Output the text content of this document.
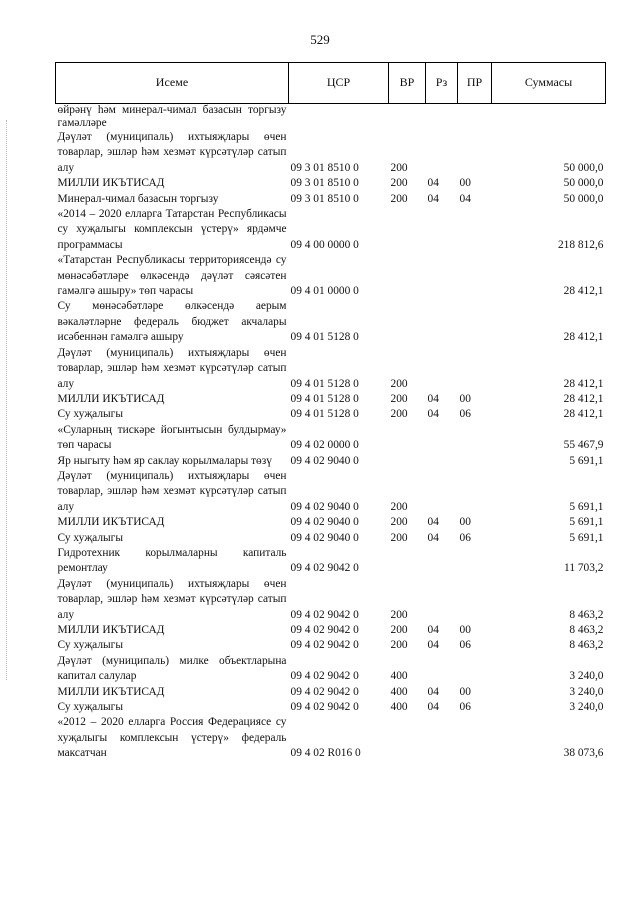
529
Исеме	ЦСР	ВР	Рз	ПР	Суммасы
өйрәнү һәм минерал-чимал базасын торгызу гамәлләре					
Дәүләт (муниципаль) ихтыяҗлары өчен товарлар, эшләр һәм хезмәт күрсәтүләр сатып алу	09 3 01 8510 0	200			50 000,0
МИЛЛИ ИКЪТИСАД	09 3 01 8510 0	200	04	00	50 000,0
Минерал-чимал базасын торгызу	09 3 01 8510 0	200	04	04	50 000,0
«2014 – 2020 елларга Татарстан Республикасы су хуҗалыгы комплексын үстерү» ярдәмче программасы	09 4 00 0000 0				218 812,6
«Татарстан Республикасы территориясендә су мөнәсәбәтләре өлкәсендә дәүләт сәясәтен гамәлгә ашыру» төп чарасы	09 4 01 0000 0				28 412,1
Су мөнәсәбәтләре өлкәсендә аерым вәкаләтләрне федераль бюджет акчалары исәбеннән гамәлгә ашыру	09 4 01 5128 0				28 412,1
Дәүләт (муниципаль) ихтыяҗлары өчен товарлар, эшләр һәм хезмәт күрсәтүләр сатып алу	09 4 01 5128 0	200			28 412,1
МИЛЛИ ИКЪТИСАД	09 4 01 5128 0	200	04	00	28 412,1
Су хуҗалыгы	09 4 01 5128 0	200	04	06	28 412,1
«Суларның тискәре йогынтысын булдырмау» төп чарасы	09 4 02 0000 0				55 467,9
Яр ныгыту һәм яр саклау корылмалары төзү	09 4 02 9040 0				5 691,1
Дәүләт (муниципаль) ихтыяҗлары өчен товарлар, эшләр һәм хезмәт күрсәтүләр сатып алу	09 4 02 9040 0	200			5 691,1
МИЛЛИ ИКЪТИСАД	09 4 02 9040 0	200	04	00	5 691,1
Су хуҗалыгы	09 4 02 9040 0	200	04	06	5 691,1
Гидротехник корылмаларны капиталь ремонтлау	09 4 02 9042 0				11 703,2
Дәүләт (муниципаль) ихтыяҗлары өчен товарлар, эшләр һәм хезмәт күрсәтүләр сатып алу	09 4 02 9042 0	200			8 463,2
МИЛЛИ ИКЪТИСАД	09 4 02 9042 0	200	04	00	8 463,2
Су хуҗалыгы	09 4 02 9042 0	200	04	06	8 463,2
Дәүләт (муниципаль) милке объектларына капитал салулар	09 4 02 9042 0	400			3 240,0
МИЛЛИ ИКЪТИСАД	09 4 02 9042 0	400	04	00	3 240,0
Су хуҗалыгы	09 4 02 9042 0	400	04	06	3 240,0
«2012 – 2020 елларга Россия Федерациясе су хуҗалыгы комплексын үстерү» федераль максатчан	09 4 02 R016 0				38 073,6
